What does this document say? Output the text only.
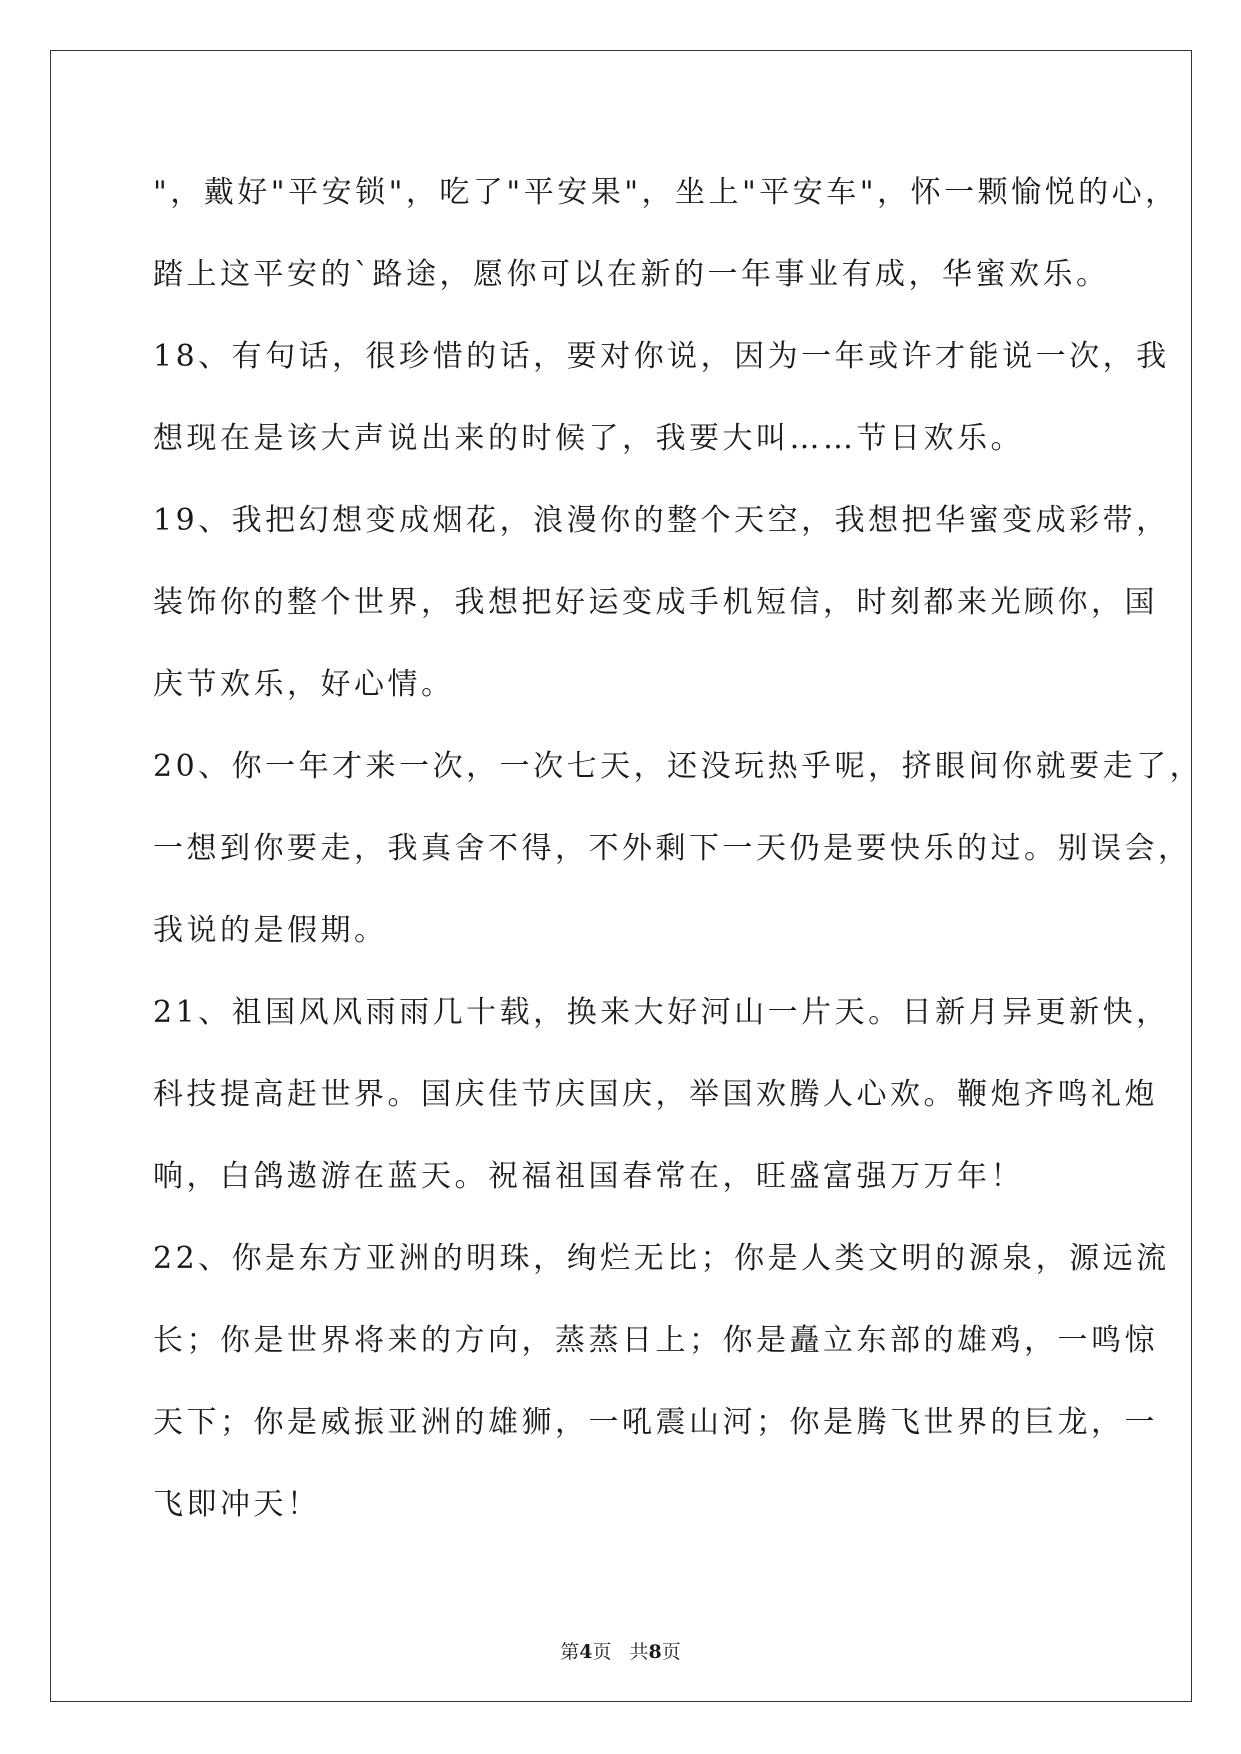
"，戴好"平安锁"，吃了"平安果"，坐上"平安车"，怀一颗愉悦的心，
踏上这平安的`路途，愿你可以在新的一年事业有成，华蜜欢乐。
18、有句话，很珍惜的话，要对你说，因为一年或许才能说一次，我
想现在是该大声说出来的时候了，我要大叫……节日欢乐。
19、我把幻想变成烟花，浪漫你的整个天空，我想把华蜜变成彩带，
装饰你的整个世界，我想把好运变成手机短信，时刻都来光顾你，国
庆节欢乐，好心情。
20、你一年才来一次，一次七天，还没玩热乎呢，挤眼间你就要走了，
一想到你要走，我真舍不得，不外剩下一天仍是要快乐的过。别误会，
我说的是假期。
21、祖国风风雨雨几十载，换来大好河山一片天。日新月异更新快，
科技提高赶世界。国庆佳节庆国庆，举国欢腾人心欢。鞭炮齐鸣礼炮
响，白鸽遨游在蓝天。祝福祖国春常在，旺盛富强万万年！
22、你是东方亚洲的明珠，绚烂无比；你是人类文明的源泉，源远流
长；你是世界将来的方向，蒸蒸日上；你是矗立东部的雄鸡，一鸣惊
天下；你是威振亚洲的雄狮，一吼震山河；你是腾飞世界的巨龙，一
飞即冲天！
第4页 共8页
